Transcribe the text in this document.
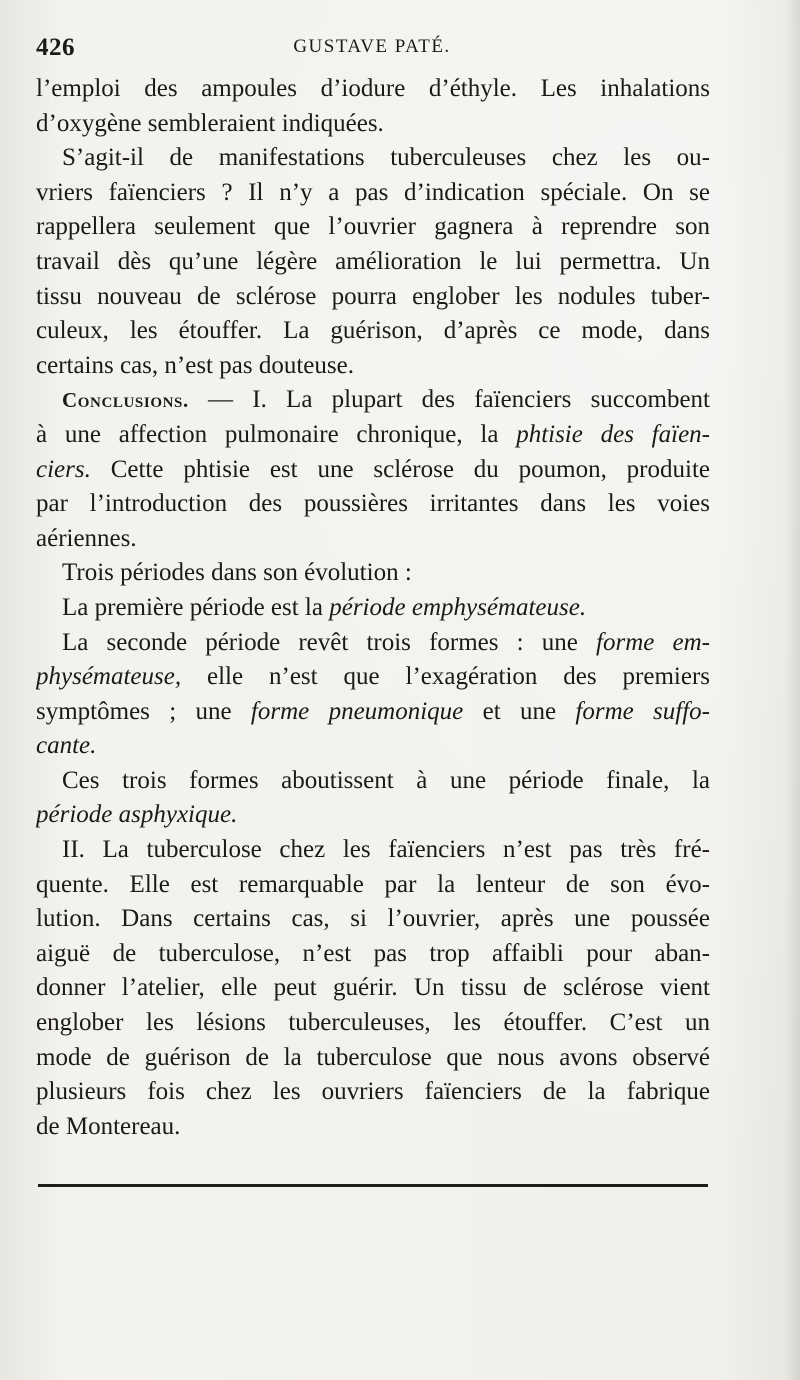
426	GUSTAVE PATÉ.
l’emploi des ampoules d’iodure d’éthyle. Les inhalations
d’oxygène sembleraient indiquées.
S’agit-il de manifestations tuberculeuses chez les ou-
vriers faïenciers ? Il n’y a pas d’indication spéciale. On se
rappellera seulement que l’ouvrier gagnera à reprendre son
travail dès qu’une légère amélioration le lui permettra. Un
tissu nouveau de sclérose pourra englober les nodules tuber-
culeux, les étouffer. La guérison, d’après ce mode, dans
certains cas, n’est pas douteuse.
Conclusions. — I. La plupart des faïenciers succombent
à une affection pulmonaire chronique, la phtisie des faïen-
ciers. Cette phtisie est une sclérose du poumon, produite
par l’introduction des poussières irritantes dans les voies
aériennes.
Trois périodes dans son évolution :
La première période est la période emphysémateuse.
La seconde période revêt trois formes : une forme em-
physémateuse, elle n’est que l’exagération des premiers
symptômes ; une forme pneumonique et une forme suffo-
cante.
Ces trois formes aboutissent à une période finale, la
période asphyxique.
II. La tuberculose chez les faïenciers n’est pas très fré-
quente. Elle est remarquable par la lenteur de son évo-
lution. Dans certains cas, si l’ouvrier, après une poussée
aiguë de tuberculose, n’est pas trop affaibli pour aban-
donner l’atelier, elle peut guérir. Un tissu de sclérose vient
englober les lésions tuberculeuses, les étouffer. C’est un
mode de guérison de la tuberculose que nous avons observé
plusieurs fois chez les ouvriers faïenciers de la fabrique
de Montereau.
